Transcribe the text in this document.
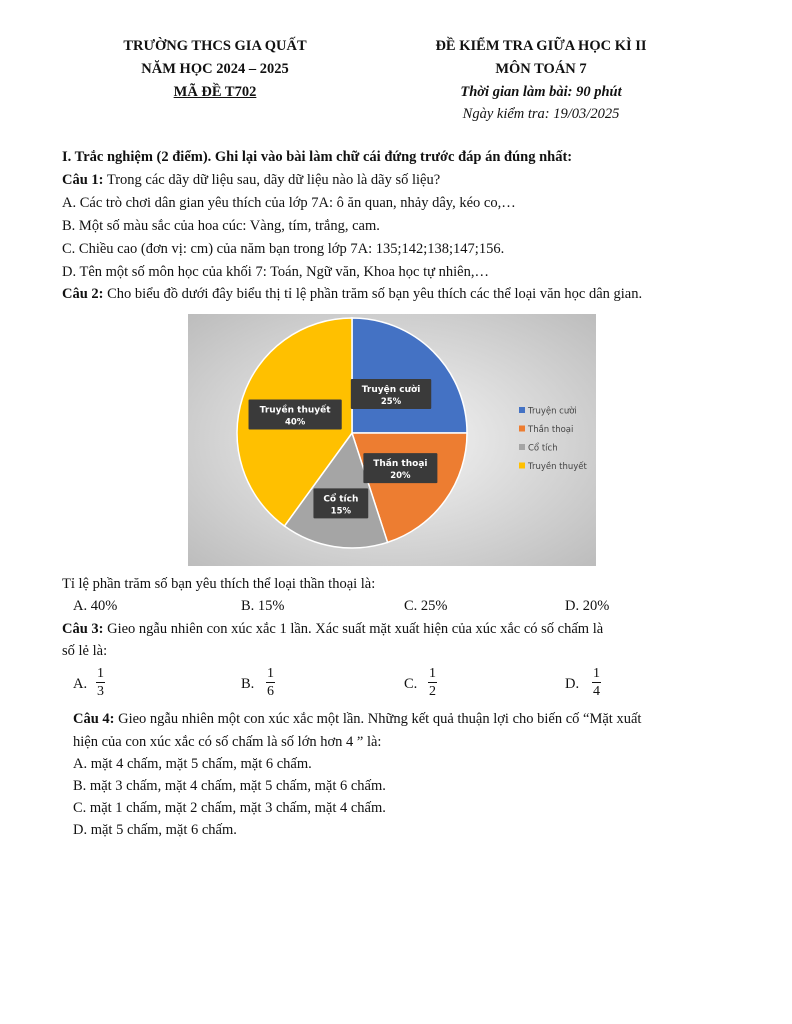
TRƯỜNG THCS GIA QUẤT
NĂM HỌC 2024 – 2025
MÃ ĐỀ T702
ĐỀ KIỂM TRA GIỮA HỌC KÌ II
MÔN TOÁN 7
Thời gian làm bài: 90 phút
Ngày kiểm tra: 19/03/2025
I. Trắc nghiệm (2 điểm). Ghi lại vào bài làm chữ cái đứng trước đáp án đúng nhất:
Câu 1: Trong các dãy dữ liệu sau, dãy dữ liệu nào là dãy số liệu?
A. Các trò chơi dân gian yêu thích của lớp 7A: ô ăn quan, nhảy dây, kéo co,…
B. Một số màu sắc của hoa cúc: Vàng, tím, trắng, cam.
C. Chiều cao (đơn vị: cm) của năm bạn trong lớp 7A: 135;142;138;147;156.
D. Tên một số môn học của khối 7: Toán, Ngữ văn, Khoa học tự nhiên,…
Câu 2: Cho biểu đồ dưới đây biểu thị tỉ lệ phần trăm số bạn yêu thích các thể loại văn học dân gian.
Truyện cười
25%
Thần thoại
20%
Cổ tích
15%
Truyền thuyết
40%
Truyện cười
Thần thoại
Cổ tích
Truyền thuyết
Tỉ lệ phần trăm số bạn yêu thích thể loại thần thoại là:
A. 40%	B. 15%	C. 25%	D. 20%
Câu 3: Gieo ngẫu nhiên con xúc xắc 1 lần. Xác suất mặt xuất hiện của xúc xắc có số chấm là
số lẻ là:
A.
1
3	B.
1
6	C.
1
2	D.
1
4
Câu 4: Gieo ngẫu nhiên một con xúc xắc một lần. Những kết quả thuận lợi cho biến cố “Mặt xuất
hiện của con xúc xắc có số chấm là số lớn hơn 4 ” là:
A. mặt 4 chấm, mặt 5 chấm, mặt 6 chấm.
B. mặt 3 chấm, mặt 4 chấm, mặt 5 chấm, mặt 6 chấm.
C. mặt 1 chấm, mặt 2 chấm, mặt 3 chấm, mặt 4 chấm.
D. mặt 5 chấm, mặt 6 chấm.
